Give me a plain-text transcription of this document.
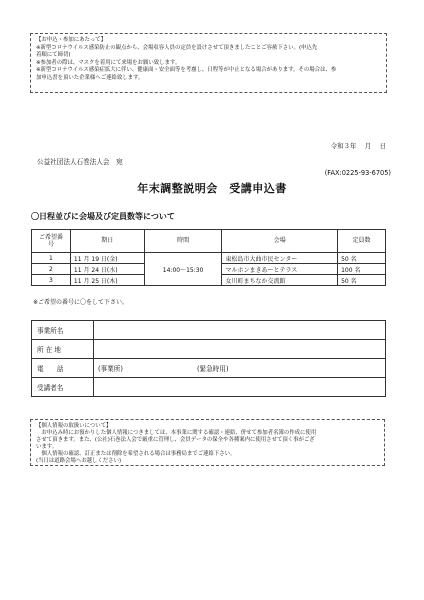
【お申込・参加にあたって】
※新型コロナウイルス感染防止の観点から、会場収容人員の定員を設けさせて頂きましたことご容赦下さい。(申込先
着順にて締切)
※参加者の際は、マスクを着用にて来場をお願い致します。
※新型コロナウイルス感染症拡大に伴い、健康面・安全面等を考慮し、日程等が中止となる場合があります。その場合は、参
加申込書を頂いた企業様へご連絡致します。
令和３年　 月　 日
公益社団法人石巻法人会　宛
(FAX:0225-93-6705)
年末調整説明会　受講申込書
〇日程並びに会場及び定員数等について
ご希望番号	期日	時間	会場	定員数
1	11 月 19 日(金)	14:00～15:30	東松島市大曲市民センター	50 名
2	11 月 24 日(水)		マルホンまきあーとテラス	100 名
3	11 月 25 日(木)		女川町まちなか交流館	50 名
※ご希望の番号に〇をして下さい。
事業所名	
所 在 地	
電　　話	(事業所) (緊急時用)
受講者名	
【個人情報の取扱いについて】
　お申込み時にお預かりした個人情報につきましては、本事業に関する確認・連絡、併せて参加者名簿の作成に使用
させて頂きます。また、(公社)石巻法人会で厳重に管理し、会員データの保全や各種案内に使用させて頂く事がござ
います。
　個人情報の確認、訂正または削除を希望される場合は事務局までご連絡下さい。
(当日は道路会場へお越しください)
